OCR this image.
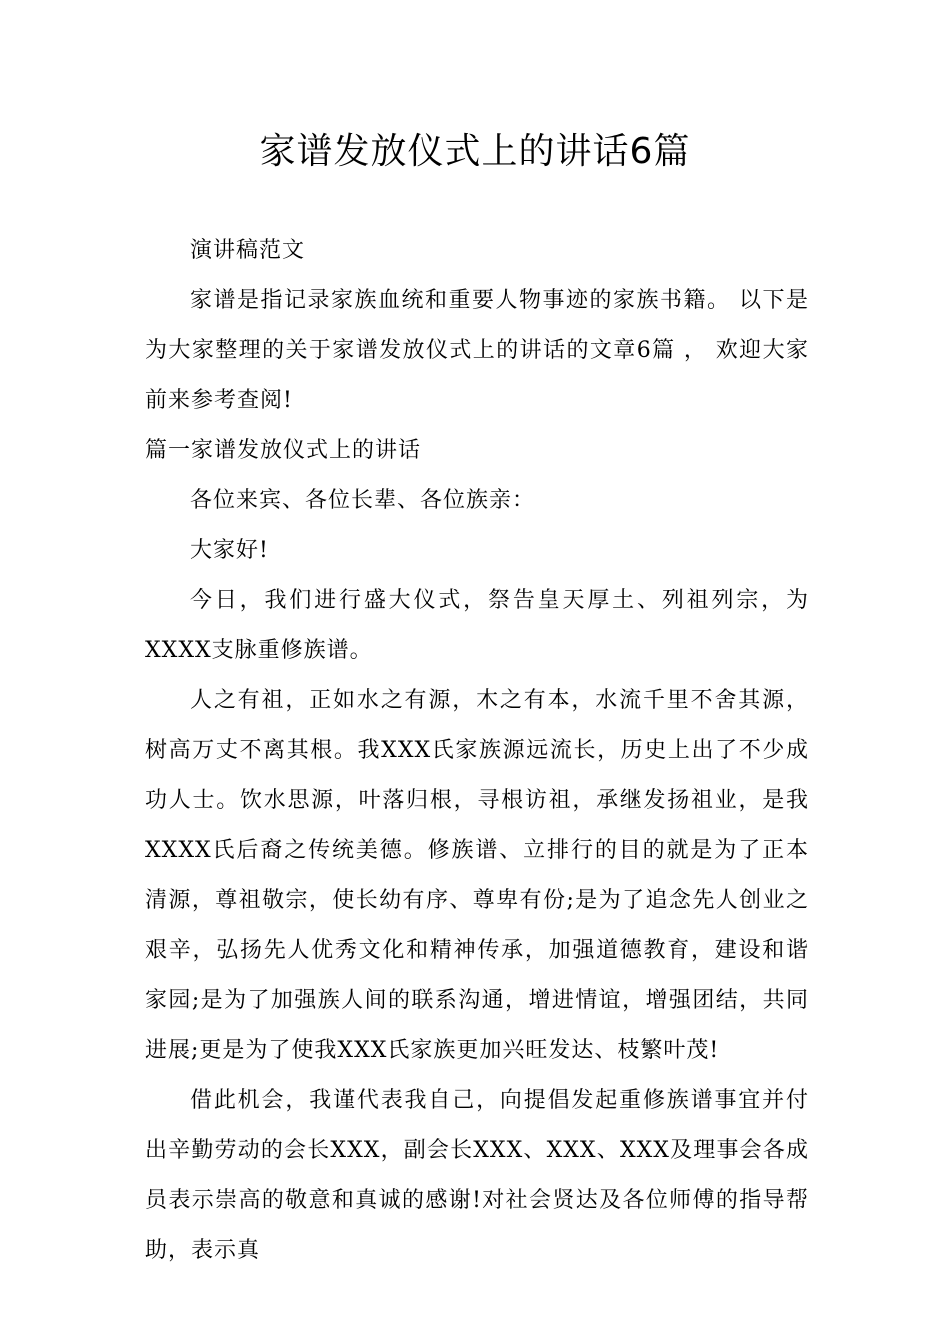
家谱发放仪式上的讲话6篇

演讲稿范文

家谱是指记录家族血统和重要人物事迹的家族书籍。 以下是为大家整理的关于家谱发放仪式上的讲话的文章6篇 ， 欢迎大家前来参考查阅!

篇一家谱发放仪式上的讲话

各位来宾、各位长辈、各位族亲：

大家好!

今日，我们进行盛大仪式，祭告皇天厚土、列祖列宗，为XXXX支脉重修族谱。

人之有祖，正如水之有源，木之有本，水流千里不舍其源，树高万丈不离其根。我XXX氏家族源远流长，历史上出了不少成功人士。饮水思源，叶落归根，寻根访祖，承继发扬祖业，是我XXXX氏后裔之传统美德。修族谱、立排行的目的就是为了正本清源，尊祖敬宗，使长幼有序、尊卑有份;是为了追念先人创业之艰辛，弘扬先人优秀文化和精神传承，加强道德教育，建设和谐家园;是为了加强族人间的联系沟通，增进情谊，增强团结，共同进展;更是为了使我XXX氏家族更加兴旺发达、枝繁叶茂!

借此机会，我谨代表我自己，向提倡发起重修族谱事宜并付出辛勤劳动的会长XXX，副会长XXX、XXX、XXX及理事会各成员表示崇高的敬意和真诚的感谢!对社会贤达及各位师傅的指导帮助，表示真
